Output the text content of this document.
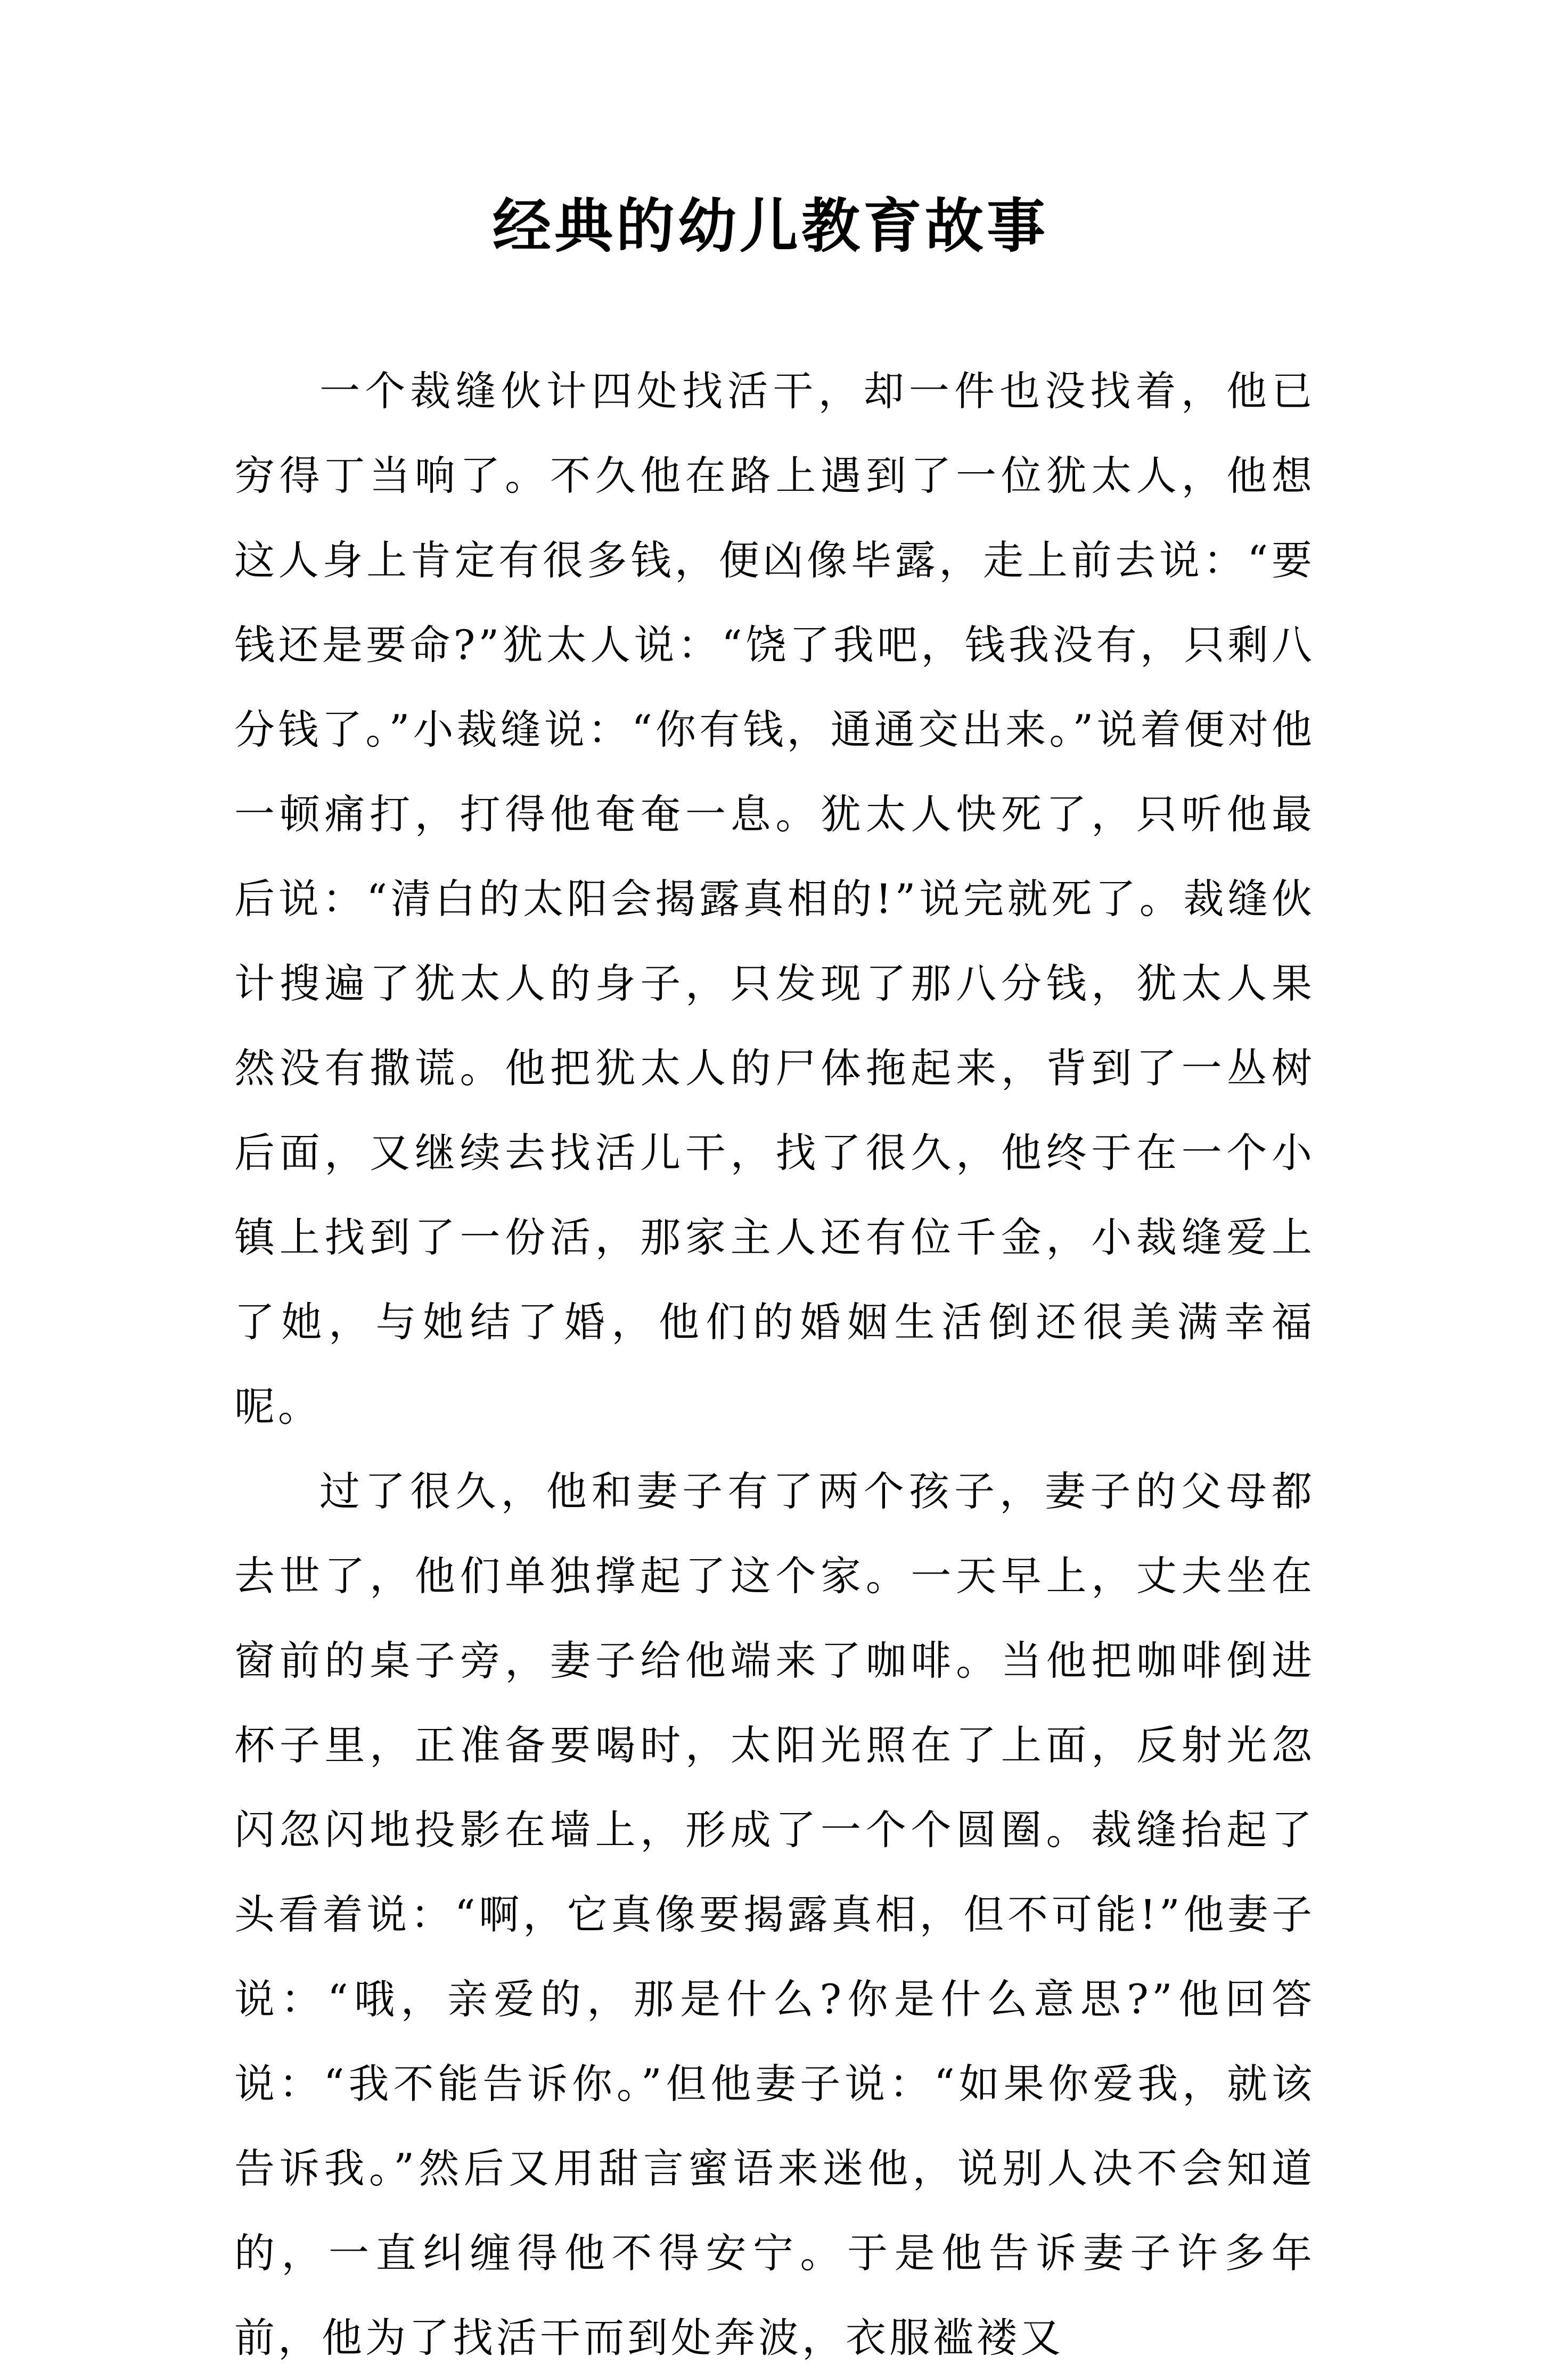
经典的幼儿教育故事

一个裁缝伙计四处找活干，却一件也没找着，他已穷得丁当响了。不久他在路上遇到了一位犹太人，他想这人身上肯定有很多钱，便凶像毕露，走上前去说：“要钱还是要命?”犹太人说：“饶了我吧，钱我没有，只剩八分钱了。”小裁缝说：“你有钱，通通交出来。”说着便对他一顿痛打，打得他奄奄一息。犹太人快死了，只听他最后说：“清白的太阳会揭露真相的!”说完就死了。裁缝伙计搜遍了犹太人的身子，只发现了那八分钱，犹太人果然没有撒谎。他把犹太人的尸体拖起来，背到了一丛树后面，又继续去找活儿干，找了很久，他终于在一个小镇上找到了一份活，那家主人还有位千金，小裁缝爱上了她，与她结了婚，他们的婚姻生活倒还很美满幸福呢。

过了很久，他和妻子有了两个孩子，妻子的父母都去世了，他们单独撑起了这个家。一天早上，丈夫坐在窗前的桌子旁，妻子给他端来了咖啡。当他把咖啡倒进杯子里，正准备要喝时，太阳光照在了上面，反射光忽闪忽闪地投影在墙上，形成了一个个圆圈。裁缝抬起了头看着说：“啊，它真像要揭露真相，但不可能!”他妻子说：“哦，亲爱的，那是什么?你是什么意思?”他回答说：“我不能告诉你。”但他妻子说：“如果你爱我，就该告诉我。”然后又用甜言蜜语来迷他，说别人决不会知道的，一直纠缠得他不得安宁。于是他告诉妻子许多年前，他为了找活干而到处奔波，衣服褴褛又
